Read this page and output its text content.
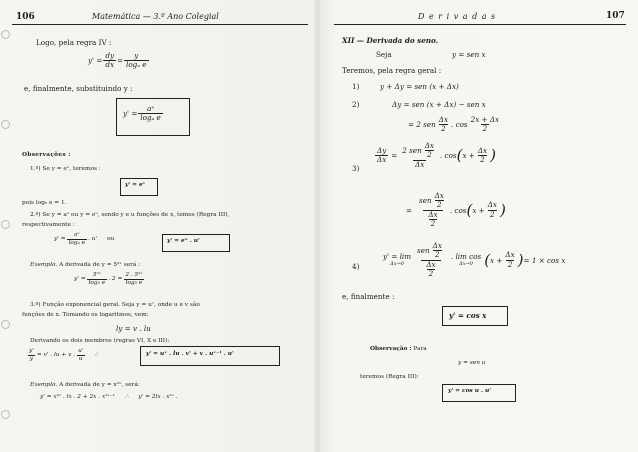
106	Matemática — 3.º Ano Colegial
Logo, pela regra IV :
$y' = \frac{dy}{dx} = \frac{y}{\text{logₐ e}}$
e, finalmente, substituindo y :
$y' = \frac{\text{aˣ}}{\text{logₐ e}}$
Observações :
1.º) Se y = eˣ, teremos :
y' = eˣ
pois logₑ e = 1.
2.º) Se y = aᵘ ou y = eᵘ, sendo y e u funções de x, temos (Regra III),
respectivamente :
$y' = \frac{\text{aᵘ}}{\text{logₐ e}}$ . u' ou	y' = eᵘ . u'
Exemplo. A derivada de y = 5²ˣ será :
$y' = \frac{\text{5²ˣ}}{\text{log₅ e}}$ . $2 = \frac{\text{2 . 5²ˣ}}{\text{log₅ e}}$
3.º) Função exponencial geral. Seja y = uᵛ, onde u e v são
funções de x. Tomando os logaritmos, vem:
ly = v . lu
Derivando os dois membros (regras VI, X e III):
$\frac{y'}{y} = v'$ . lu + v . $\frac{u'}{u}$ ∴	y' = uᵛ . lu . v' + v . uᵛ⁻¹ . u'
Exemplo. A derivada de y = x²ˣ, será:
y' = x²ˣ . lx . 2 + 2x . x²ˣ⁻¹ ∴ y' = 2lx . x²ˣ .
D e r i v a d a s	107
XII — Derivada do seno.
Seja	y = sen x
Teremos, pela regra geral :
1)	y + Δy = sen (x + Δx)
2)	Δy = sen (x + Δx) − sen x
= 2 sen $\frac{\Delta x}{2}$ . $\cos \frac{2x + \Delta x}{2}$
3)
$\frac{\Delta y}{\Delta x}$ =
2 sen $\frac{\Delta x}{2}$
Δx
. cos ( $x + \frac{\Delta x}{2}$ )
=
sen $\frac{\Delta x}{2}$
$\frac{\Delta x}{2}$
. cos ( $x + \frac{\Delta x}{2}$ )
4)
y' = lim
Δx→0
sen $\frac{\Delta x}{2}$
$\frac{\Delta x}{2}$
. lim cos
Δx→0 ( $x + \frac{\Delta x}{2}$ ) = 1 × cos x
e, finalmente :
y' = cos x
Observação : Para
y = sen u
teremos (Regra III):
y' = cos u . u'
